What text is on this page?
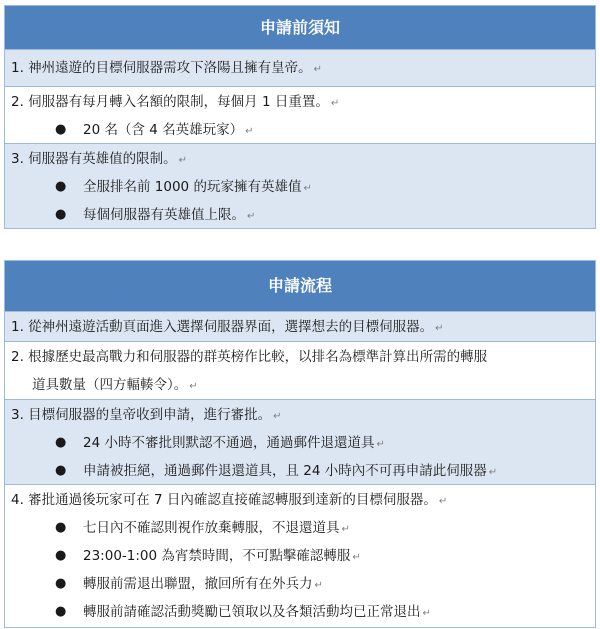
申請前須知
1. 神州遠遊的目標伺服器需攻下洛陽且擁有皇帝。 ↵
2. 伺服器有每月轉入名額的限制，每個月 1 日重置。 ↵
● 20 名（含 4 名英雄玩家） ↵
3. 伺服器有英雄值的限制。 ↵
● 全服排名前 1000 的玩家擁有英雄值 ↵
● 每個伺服器有英雄值上限。 ↵
申請流程
1. 從神州遠遊活動頁面進入選擇伺服器界面，選擇想去的目標伺服器。 ↵
2. 根據歷史最高戰力和伺服器的群英榜作比較，以排名為標準計算出所需的轉服
道具數量（四方輻輳令）。 ↵
3. 目標伺服器的皇帝收到申請，進行審批。 ↵
● 24 小時不審批則默認不通過，通過郵件退還道具 ↵
● 申請被拒絕，通過郵件退還道具，且 24 小時內不可再申請此伺服器 ↵
4. 審批通過後玩家可在 7 日內確認直接確認轉服到達新的目標伺服器。 ↵
● 七日內不確認則視作放棄轉服，不退還道具 ↵
● 23:00-1:00 為宵禁時間，不可點擊確認轉服 ↵
● 轉服前需退出聯盟，撤回所有在外兵力 ↵
● 轉服前請確認活動獎勵已領取以及各類活動均已正常退出 ↵
